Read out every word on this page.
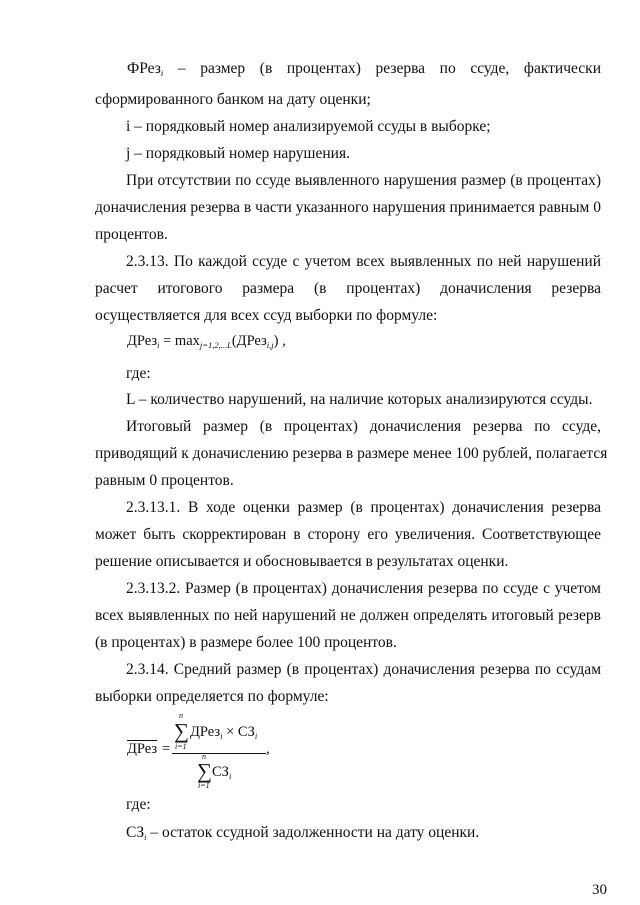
ФРез$_i$ – размер (в процентах) резерва по ссуде, фактически
сформированного банком на дату оценки;
i – порядковый номер анализируемой ссуды в выборке;
j – порядковый номер нарушения.
При отсутствии по ссуде выявленного нарушения размер (в процентах)
доначисления резерва в части указанного нарушения принимается равным 0
процентов.
2.3.13. По каждой ссуде с учетом всех выявленных по ней нарушений
расчет итогового размера (в процентах) доначисления резерва
осуществляется для всех ссуд выборки по формуле:
ДРез$_i$ = $\max_{j=1,2,...L}(ДРез_{i,j})$ ,
где:
L – количество нарушений, на наличие которых анализируются ссуды.
Итоговый размер (в процентах) доначисления резерва по ссуде,
приводящий к доначислению резерва в размере менее 100 рублей, полагается
равным 0 процентов.
2.3.13.1. В ходе оценки размер (в процентах) доначисления резерва
может быть скорректирован в сторону его увеличения. Соответствующее
решение описывается и обосновывается в результатах оценки.
2.3.13.2. Размер (в процентах) доначисления резерва по ссуде с учетом
всех выявленных по ней нарушений не должен определять итоговый резерв
(в процентах) в размере более 100 процентов.
2.3.14. Средний размер (в процентах) доначисления резерва по ссудам
выборки определяется по формуле:
ДРез =
n
∑
i=1
ДРез$_i$ × $СЗ_i$
,
n
∑
i=1
$СЗ_i$
где:
$СЗ_i$ – остаток ссудной задолженности на дату оценки.
30
